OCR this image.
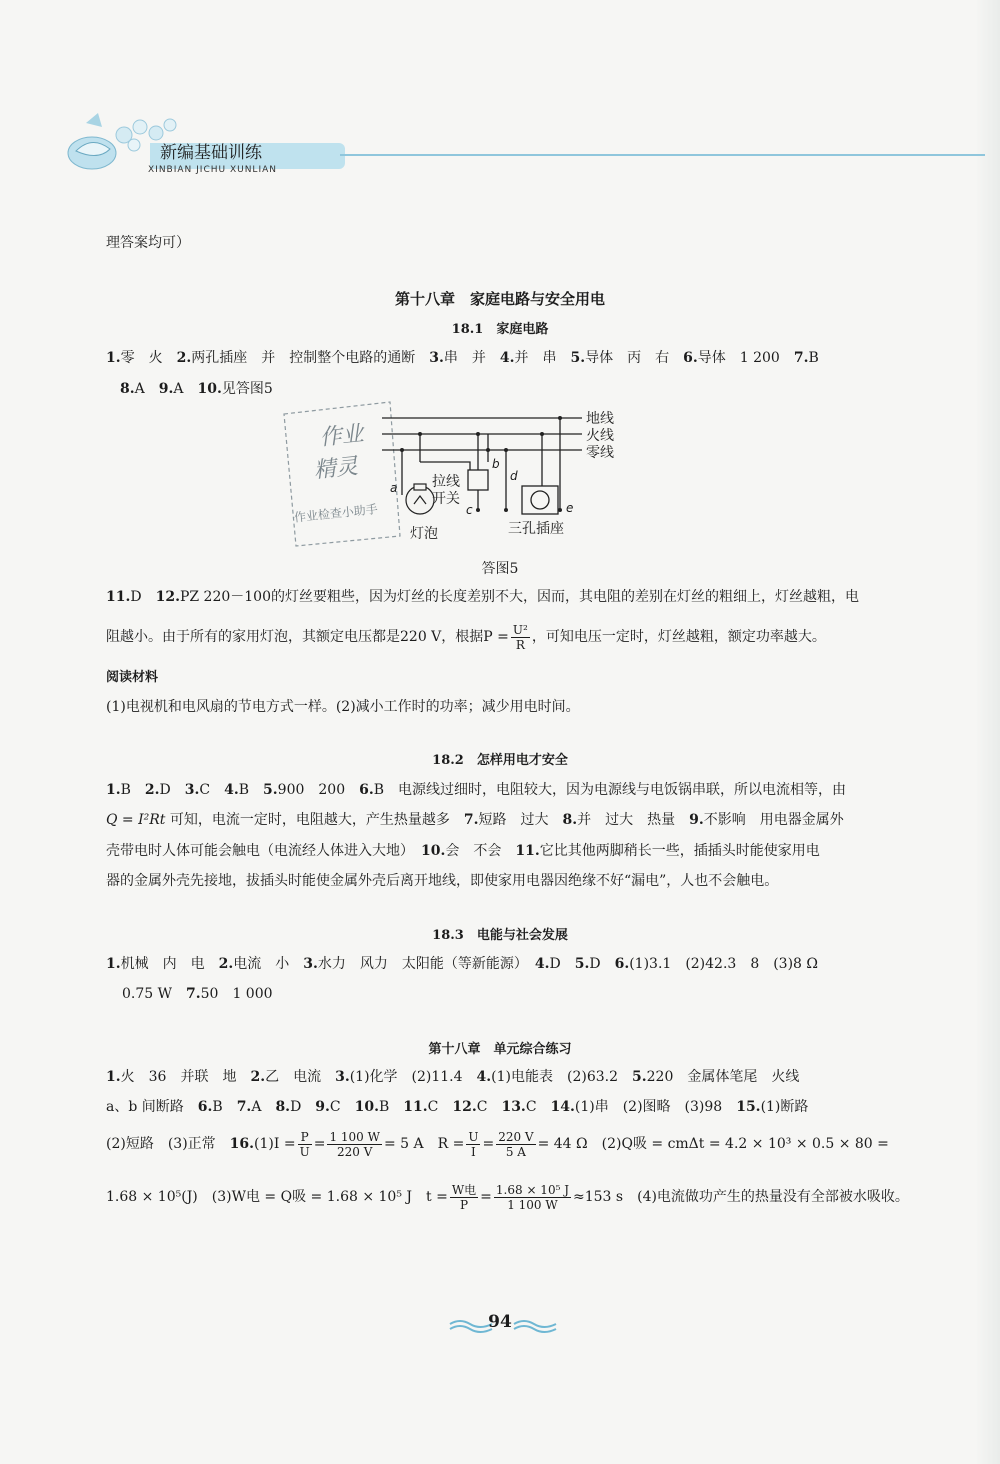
新编基础训练
XINBIAN JICHU XUNLIAN
理答案均可）
第十八章　家庭电路与安全用电
18.1　家庭电路
1.零　火　2.两孔插座　并　控制整个电路的通断　3.串　并　4.并　串　5.导体　丙　右　6.导体　1 200　7.B
8.A　9.A　10.见答图5
作业
精灵
作业检查小助手
地线
火线
零线
拉线
开关
灯泡	三孔插座
a
b
c
d
e
答图5
11.D　12.PZ 220－100的灯丝要粗些，因为灯丝的长度差别不大，因而，其电阻的差别在灯丝的粗细上，灯丝越粗，电
阻越小。由于所有的家用灯泡，其额定电压都是220 V，根据$P = \frac{\text{U²}}{R}$ ，可知电压一定时，灯丝越粗，额定功率越大。
阅读材料
(1)电视机和电风扇的节电方式一样。(2)减小工作时的功率；减少用电时间。
18.2　怎样用电才安全
1.B　2.D　3.C　4.B　5.900　200　6.B　电源线过细时，电阻较大，因为电源线与电饭锅串联，所以电流相等，由
Q = I²Rt 可知，电流一定时，电阻越大，产生热量越多　7.短路　过大　8.并　过大　热量　9.不影响　用电器金属外
壳带电时人体可能会触电（电流经人体进入大地）　10.会　不会　11.它比其他两脚稍长一些，插插头时能使家用电
器的金属外壳先接地，拔插头时能使金属外壳后离开地线，即使家用电器因绝缘不好“漏电”，人也不会触电。
18.3　电能与社会发展
1.机械　内　电　2.电流　小　3.水力　风力　太阳能（等新能源）　4.D　5.D　6.(1)3.1　(2)42.3　8　(3)8 Ω
0.75 W　7.50　1 000
第十八章　单元综合练习
1.火　36　并联　地　2.乙　电流　3.(1)化学　(2)11.4　4.(1)电能表　(2)63.2　5.220　金属体笔尾　火线
a、b 间断路　6.B　7.A　8.D　9.C　10.B　11.C　12.C　13.C　14.(1)串　(2)图略　(3)98　15.(1)断路
(2)短路　(3)正常　$16.(1)I = \frac{P}{U} = \frac{1 100 W}{220 V} = 5$ A　$R = \frac{U}{I} = \frac{220 V}{5 A} = 44$ Ω　(2)Q吸 = cmΔt = 4.2 × 10³ × 0.5 × 80 =
1.68 × 10⁵(J)　(3)W电 = Q吸 = 1.68 × 10⁵ J　$t = \frac{\text{W电}}{P} = \frac{\text{1.68 × 10⁵ J}}{1 100 W} \approx 153$ s　(4)电流做功产生的热量没有全部被水吸收。
94
